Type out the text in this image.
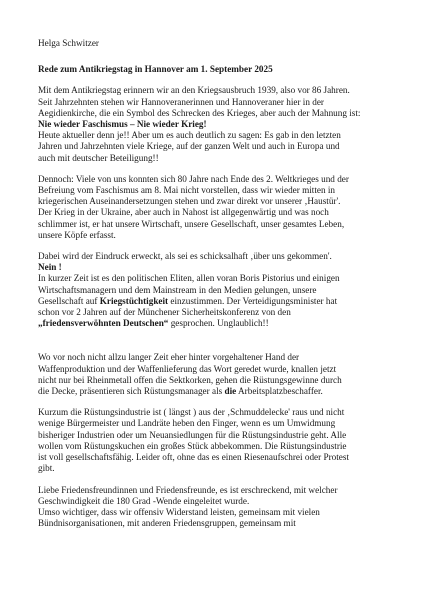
Helga Schwitzer
Rede zum Antikriegstag in Hannover am 1. September 2025

Mit dem Antikriegstag erinnern wir an den Kriegsausbruch 1939, also vor 86 Jahren.
Seit Jahrzehnten stehen wir Hannoveranerinnen und Hannoveraner hier in der
Aegidienkirche, die ein Symbol des Schrecken des Krieges, aber auch der Mahnung ist:
Nie wieder Faschismus – Nie wieder Krieg!
Heute aktueller denn je!! Aber um es auch deutlich zu sagen: Es gab in den letzten
Jahren und Jahrzehnten viele Kriege, auf der ganzen Welt und auch in Europa und
auch mit deutscher Beteiligung!!

Dennoch: Viele von uns konnten sich 80 Jahre nach Ende des 2. Weltkrieges und der
Befreiung vom Faschismus am 8. Mai nicht vorstellen, dass wir wieder mitten in
kriegerischen Auseinandersetzungen stehen und zwar direkt vor unserer ‚Haustür'.
Der Krieg in der Ukraine, aber auch in Nahost ist allgegenwärtig und was noch
schlimmer ist, er hat unsere Wirtschaft, unsere Gesellschaft, unser gesamtes Leben,
unsere Köpfe erfasst.

Dabei wird der Eindruck erweckt, als sei es schicksalhaft ‚über uns gekommen'.
Nein !
In kurzer Zeit ist es den politischen Eliten, allen voran Boris Pistorius und einigen
Wirtschaftsmanagern und dem Mainstream in den Medien gelungen, unsere
Gesellschaft auf Kriegstüchtigkeit einzustimmen. Der Verteidigungsminister hat
schon vor 2 Jahren auf der Münchener Sicherheitskonferenz von den
„friedensverwöhnten Deutschen“ gesprochen. Unglaublich!!

Wo vor noch nicht allzu langer Zeit eher hinter vorgehaltener Hand der
Waffenproduktion und der Waffenlieferung das Wort geredet wurde, knallen jetzt
nicht nur bei Rheinmetall offen die Sektkorken, gehen die Rüstungsgewinne durch
die Decke, präsentieren sich Rüstungsmanager als die Arbeitsplatzbeschaffer.

Kurzum die Rüstungsindustrie ist ( längst ) aus der ‚Schmuddelecke' raus und nicht
wenige Bürgermeister und Landräte heben den Finger, wenn es um Umwidmung
bisheriger Industrien oder um Neuansiedlungen für die Rüstungsindustrie geht. Alle
wollen vom Rüstungskuchen ein großes Stück abbekommen. Die Rüstungsindustrie
ist voll gesellschaftsfähig. Leider oft, ohne das es einen Riesenaufschrei oder Protest
gibt.

Liebe Friedensfreundinnen und Friedensfreunde, es ist erschreckend, mit welcher
Geschwindigkeit die 180 Grad -Wende eingeleitet wurde.
Umso wichtiger, dass wir offensiv Widerstand leisten, gemeinsam mit vielen
Bündnisorganisationen, mit anderen Friedensgruppen, gemeinsam mit
